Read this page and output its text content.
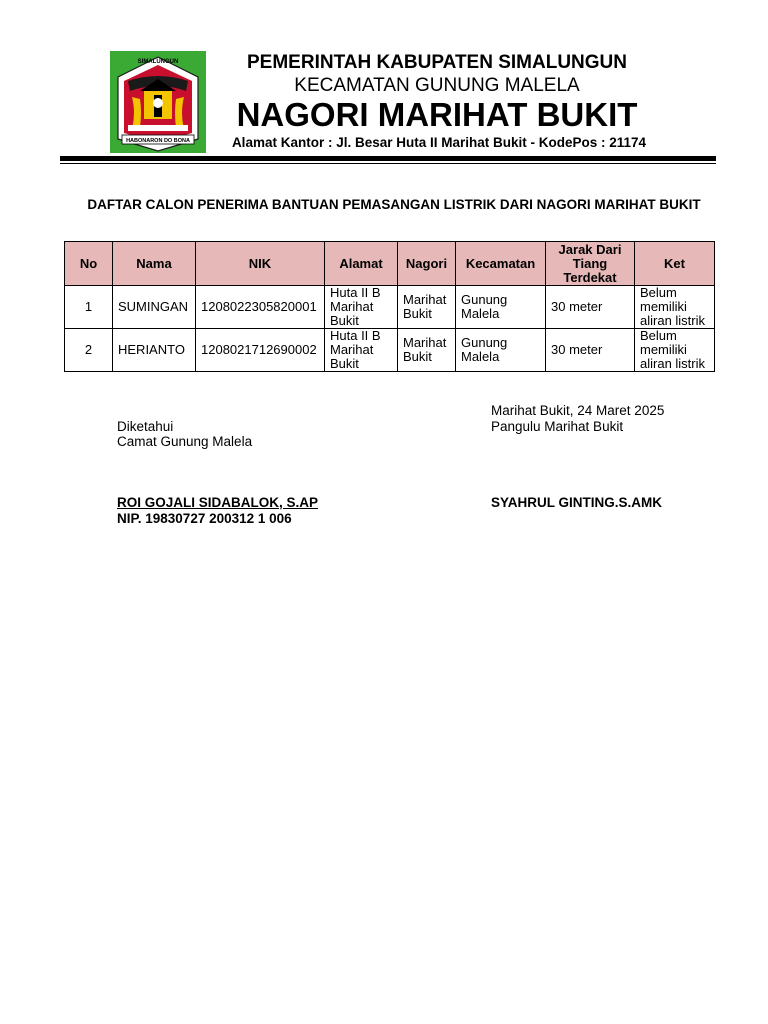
SIMALUNGUN
HABONARON DO BONA
PEMERINTAH KABUPATEN SIMALUNGUN
KECAMATAN GUNUNG MALELA
NAGORI MARIHAT BUKIT
Alamat Kantor : Jl. Besar Huta II Marihat Bukit - KodePos : 21174
DAFTAR CALON PENERIMA BANTUAN PEMASANGAN LISTRIK DARI NAGORI MARIHAT BUKIT
No	Nama	NIK	Alamat	Nagori	Kecamatan	Jarak Dari Tiang Terdekat	Ket
1	SUMINGAN	1208022305820001	Huta II B Marihat Bukit	Marihat Bukit	Gunung Malela	30 meter	Belum memiliki aliran listrik
2	HERIANTO	1208021712690002	Huta II B Marihat Bukit	Marihat Bukit	Gunung Malela	30 meter	Belum memiliki aliran listrik
Marihat Bukit, 24 Maret 2025
Pangulu Marihat Bukit
Diketahui
Camat Gunung Malela
ROI GOJALI SIDABALOK, S.AP
NIP. 19830727 200312 1 006
SYAHRUL GINTING.S.AMK
